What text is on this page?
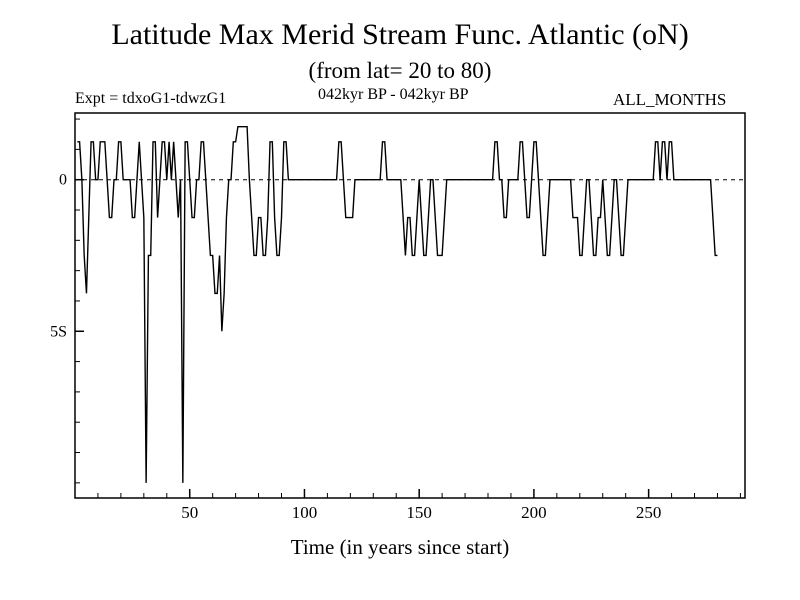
Latitude Max Merid Stream Func. Atlantic (oN)
(from lat= 20 to 80)
Expt = tdxoG1-tdwzG1	042kyr BP - 042kyr BP	ALL_MONTHS
50	100	150	200	250
0
5S
Time (in years since start)
